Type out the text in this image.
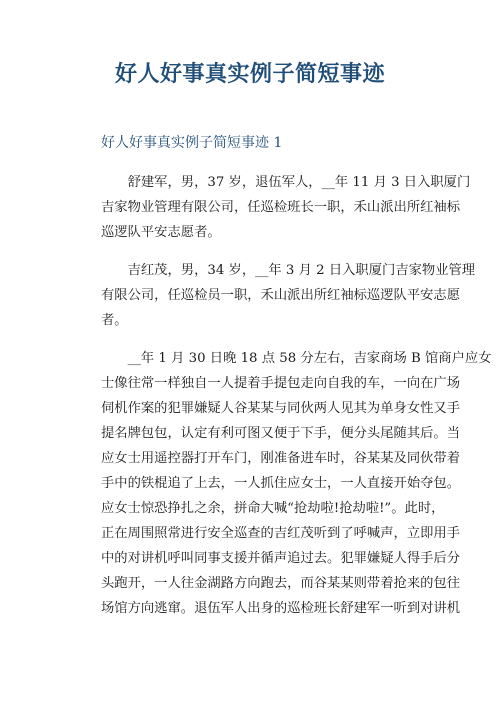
好人好事真实例子简短事迹
好人好事真实例子简短事迹 1
　　舒建军，男，37 岁，退伍军人，__年 11 月 3 日入职厦门
吉家物业管理有限公司，任巡检班长一职，禾山派出所红袖标
巡逻队平安志愿者。
　　吉红茂，男，34 岁，__年 3 月 2 日入职厦门吉家物业管理
有限公司，任巡检员一职，禾山派出所红袖标巡逻队平安志愿
者。
　　__年 1 月 30 日晚 18 点 58 分左右，吉家商场 B 馆商户应女
士像往常一样独自一人提着手提包走向自我的车，一向在广场
伺机作案的犯罪嫌疑人谷某某与同伙两人见其为单身女性又手
提名牌包包，认定有利可图又便于下手，便分头尾随其后。当
应女士用遥控器打开车门，刚准备进车时，谷某某及同伙带着
手中的铁棍追了上去，一人抓住应女士，一人直接开始夺包。
应女士惊恐挣扎之余，拼命大喊“抢劫啦!抢劫啦!”。此时，
正在周围照常进行安全巡查的吉红茂听到了呼喊声，立即用手
中的对讲机呼叫同事支援并循声追过去。犯罪嫌疑人得手后分
头跑开，一人往金湖路方向跑去，而谷某某则带着抢来的包往
场馆方向逃窜。退伍军人出身的巡检班长舒建军一听到对讲机
